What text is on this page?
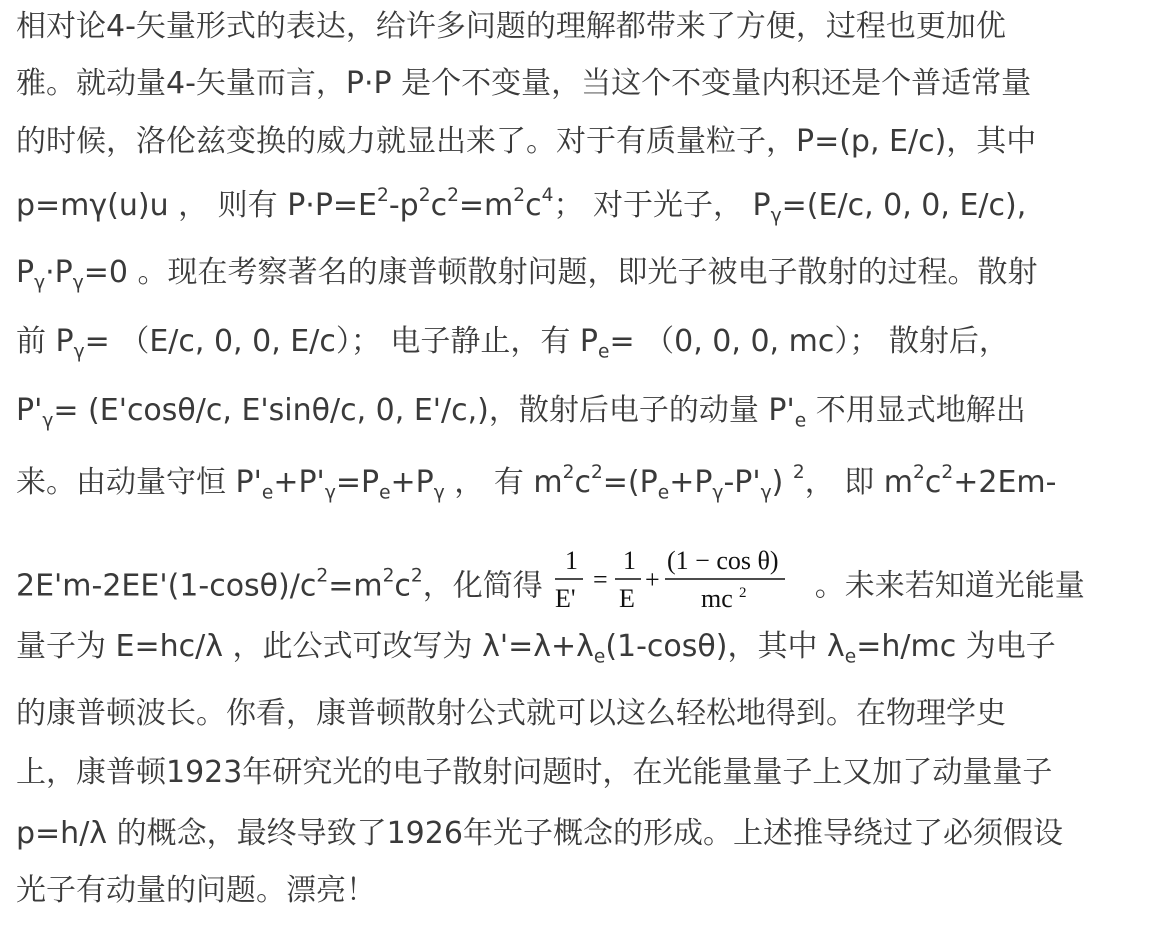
相对论4-矢量形式的表达，给许多问题的理解都带来了方便，过程也更加优
雅。就动量4-矢量而言，P·P 是个不变量，当这个不变量内积还是个普适常量
的时候，洛伦兹变换的威力就显出来了。对于有质量粒子，P=(p, E/c)，其中
p=mγ(u)u ， 则有 $P\cdot P=E^2-p^2c^2=m^2c^4$； 对于光子， $P_\gamma=(E/c$, 0, 0, E/c),
$P_\gamma\cdot P_\gamma=0$ 。现在考察著名的康普顿散射问题，即光子被电子散射的过程。散射
前 $P_\gamma= (E/c$, 0, 0, E/c）； 电子静止，有 $P_e= (0$, 0, 0, mc）； 散射后，
$P'_\gamma= (E'\cos\theta/c$, E'sinθ/c, 0, E'/c,)，散射后电子的动量 $P'_e$ 不用显式地解出
来。由动量守恒 $P'_e+P'_\gamma=P_e+P_\gamma$ ， 有 $m^2c^2=(P_e+P_\gamma-P'_\gamma)$ $^2$， 即 $m^2c^2+2Em-$
$2E'm-2EE'(1-\cos\theta)/c^2=m^2c^2$，化简得
1
E'
=
1
E
+
(1 − cos θ)
mc 2 。未来若知道光能量
量子为 E=hc/λ ，此公式可改写为 $\lambda'=\lambda+\lambda_e(1-\cos\theta)$，其中 $\lambda_e=h/mc$ 为电子
的康普顿波长。你看，康普顿散射公式就可以这么轻松地得到。在物理学史
上，康普顿1923年研究光的电子散射问题时，在光能量量子上又加了动量量子
p=h/λ 的概念，最终导致了1926年光子概念的形成。上述推导绕过了必须假设
光子有动量的问题。漂亮！
